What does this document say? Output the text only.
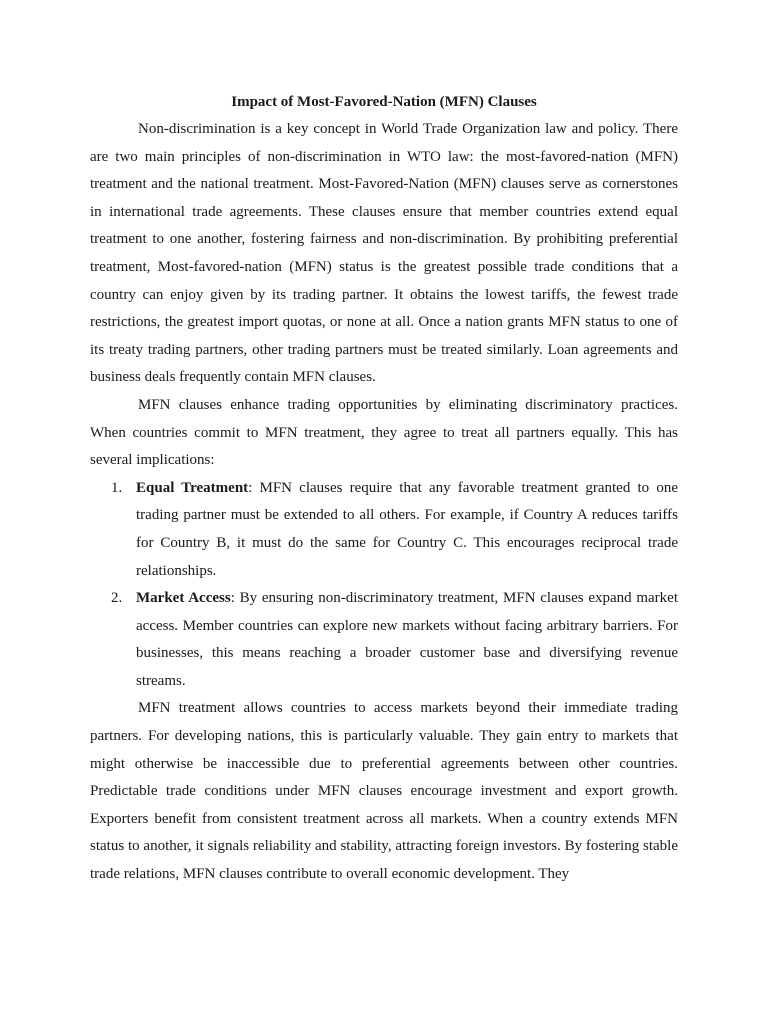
Impact of Most-Favored-Nation (MFN) Clauses

Non-discrimination is a key concept in World Trade Organization law and policy. There are two main principles of non-discrimination in WTO law: the most-favored-nation (MFN) treatment and the national treatment. Most-Favored-Nation (MFN) clauses serve as cornerstones in international trade agreements. These clauses ensure that member countries extend equal treatment to one another, fostering fairness and non-discrimination. By prohibiting preferential treatment, Most-favored-nation (MFN) status is the greatest possible trade conditions that a country can enjoy given by its trading partner. It obtains the lowest tariffs, the fewest trade restrictions, the greatest import quotas, or none at all. Once a nation grants MFN status to one of its treaty trading partners, other trading partners must be treated similarly. Loan agreements and business deals frequently contain MFN clauses.

MFN clauses enhance trading opportunities by eliminating discriminatory practices. When countries commit to MFN treatment, they agree to treat all partners equally. This has several implications:

1. Equal Treatment: MFN clauses require that any favorable treatment granted to one trading partner must be extended to all others. For example, if Country A reduces tariffs for Country B, it must do the same for Country C. This encourages reciprocal trade relationships.
2. Market Access: By ensuring non-discriminatory treatment, MFN clauses expand market access. Member countries can explore new markets without facing arbitrary barriers. For businesses, this means reaching a broader customer base and diversifying revenue streams.

MFN treatment allows countries to access markets beyond their immediate trading partners. For developing nations, this is particularly valuable. They gain entry to markets that might otherwise be inaccessible due to preferential agreements between other countries. Predictable trade conditions under MFN clauses encourage investment and export growth. Exporters benefit from consistent treatment across all markets. When a country extends MFN status to another, it signals reliability and stability, attracting foreign investors. By fostering stable trade relations, MFN clauses contribute to overall economic development. They
